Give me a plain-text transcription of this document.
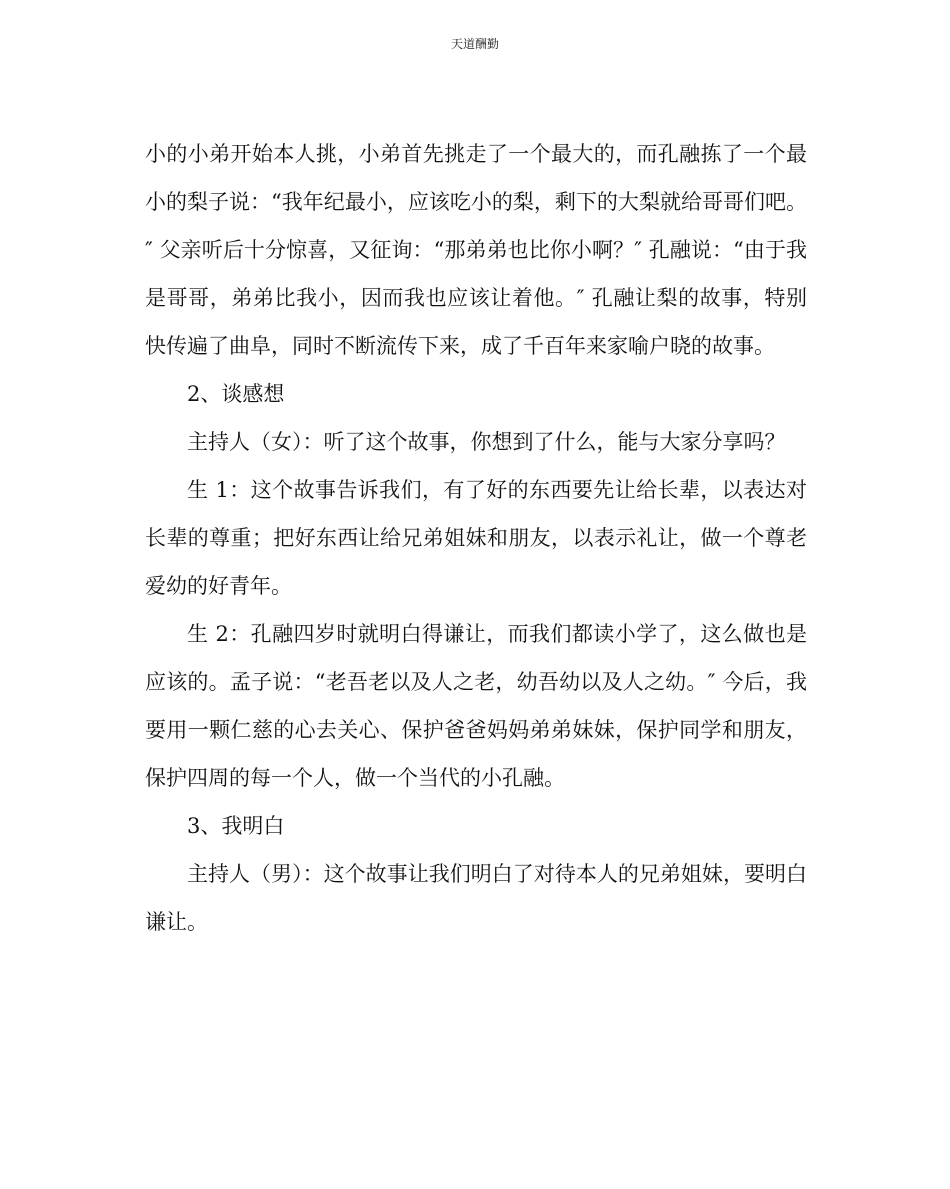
天道酬勤

小的小弟开始本人挑，小弟首先挑走了一个最大的，而孔融拣了一个最小的梨子说：“我年纪最小，应该吃小的梨，剩下的大梨就给哥哥们吧。″ 父亲听后十分惊喜，又征询：“那弟弟也比你小啊？″ 孔融说：“由于我是哥哥，弟弟比我小，因而我也应该让着他。″ 孔融让梨的故事，特别快传遍了曲阜，同时不断流传下来，成了千百年来家喻户晓的故事。

2、谈感想

主持人（女）：听了这个故事，你想到了什么，能与大家分享吗？

生 1：这个故事告诉我们，有了好的东西要先让给长辈，以表达对长辈的尊重；把好东西让给兄弟姐妹和朋友，以表示礼让，做一个尊老爱幼的好青年。

生 2：孔融四岁时就明白得谦让，而我们都读小学了，这么做也是应该的。孟子说：“老吾老以及人之老，幼吾幼以及人之幼。″ 今后，我要用一颗仁慈的心去关心、保护爸爸妈妈弟弟妹妹，保护同学和朋友，保护四周的每一个人，做一个当代的小孔融。

3、我明白

主持人（男）：这个故事让我们明白了对待本人的兄弟姐妹，要明白谦让。
